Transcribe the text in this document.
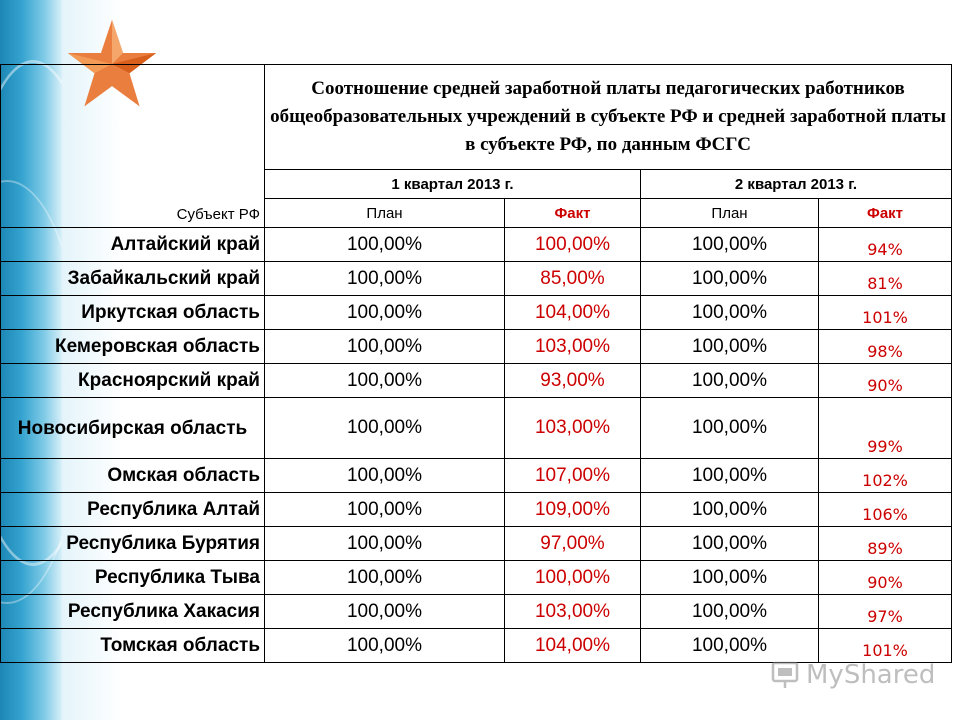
Субъект РФ	Соотношение средней заработной платы педагогических работников общеобразовательных учреждений в субъекте РФ и средней заработной платы в субъекте РФ, по данным ФСГС			
	1 квартал 2013 г.		2 квартал 2013 г.	
	План	Факт	План	Факт
Алтайский край	100,00%	100,00%	100,00%	94%
Забайкальский край	100,00%	85,00%	100,00%	81%
Иркутская область	100,00%	104,00%	100,00%	101%
Кемеровская область	100,00%	103,00%	100,00%	98%
Красноярский край	100,00%	93,00%	100,00%	90%
Новосибирская область	100,00%	103,00%	100,00%	99%
Омская область	100,00%	107,00%	100,00%	102%
Республика Алтай	100,00%	109,00%	100,00%	106%
Республика Бурятия	100,00%	97,00%	100,00%	89%
Республика Тыва	100,00%	100,00%	100,00%	90%
Республика Хакасия	100,00%	103,00%	100,00%	97%
Томская область	100,00%	104,00%	100,00%	101%
MyShared
